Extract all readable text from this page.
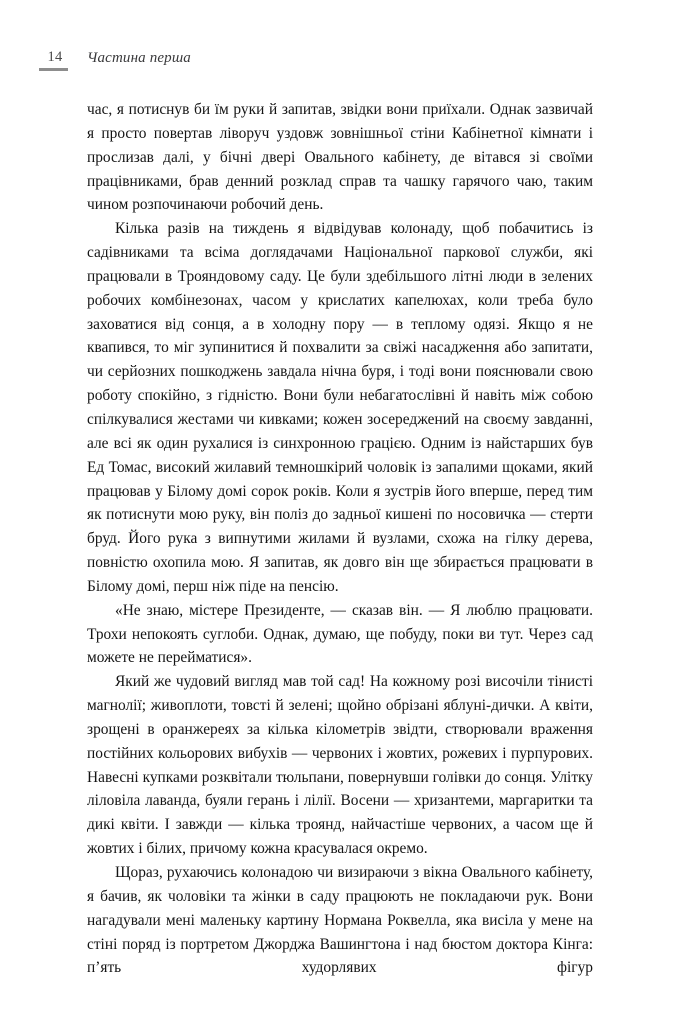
14	Частина перша

час, я потиснув би їм руки й запитав, звідки вони приїхали. Однак зазвичай я просто повертав ліворуч уздовж зовнішньої стіни Кабінетної кімнати і прослизав далі, у бічні двері Овального кабінету, де вітався зі своїми працівниками, брав денний розклад справ та чашку гарячого чаю, таким чином розпочинаючи робочий день.

Кілька разів на тиждень я відвідував колонаду, щоб побачитись із садівниками та всіма доглядачами Національної паркової служби, які працювали в Трояндовому саду. Це були здебільшого літні люди в зелених робочих комбінезонах, часом у крислатих капелюхах, коли треба було заховатися від сонця, а в холодну пору — в теплому одязі. Якщо я не квапився, то міг зупинитися й похвалити за свіжі насадження або запитати, чи серйозних пошкоджень завдала нічна буря, і тоді вони пояснювали свою роботу спокійно, з гідністю. Вони були небагатослівні й навіть між собою спілкувалися жестами чи кивками; кожен зосереджений на своєму завданні, але всі як один рухалися із синхронною грацією. Одним із найстарших був Ед Томас, високий жилавий темношкірий чоловік із запалими щоками, який працював у Білому домі сорок років. Коли я зустрів його вперше, перед тим як потиснути мою руку, він поліз до задньої кишені по носовичка — стерти бруд. Його рука з випнутими жилами й вузлами, схожа на гілку дерева, повністю охопила мою. Я запитав, як довго він ще збирається працювати в Білому домі, перш ніж піде на пенсію.

«Не знаю, містере Президенте, — сказав він. — Я люблю працювати. Трохи непокоять суглоби. Однак, думаю, ще побуду, поки ви тут. Через сад можете не перейматися».

Який же чудовий вигляд мав той сад! На кожному розі височіли тінисті магнолії; живоплоти, товсті й зелені; щойно обрізані яблуні-дички. А квіти, зрощені в оранжереях за кілька кілометрів звідти, створювали враження постійних кольорових вибухів — червоних і жовтих, рожевих і пурпурових. Навесні купками розквітали тюльпани, повернувши голівки до сонця. Улітку ліловіла лаванда, буяли герань і лілії. Восени — хризантеми, маргаритки та дикі квіти. І завжди — кілька троянд, найчастіше червоних, а часом ще й жовтих і білих, причому кожна красувалася окремо.

Щораз, рухаючись колонадою чи визираючи з вікна Овального кабінету, я бачив, як чоловіки та жінки в саду працюють не покладаючи рук. Вони нагадували мені маленьку картину Нормана Роквелла, яка висіла у мене на стіні поряд із портретом Джорджа Вашингтона і над бюстом доктора Кінга: п’ять худорлявих фігур
